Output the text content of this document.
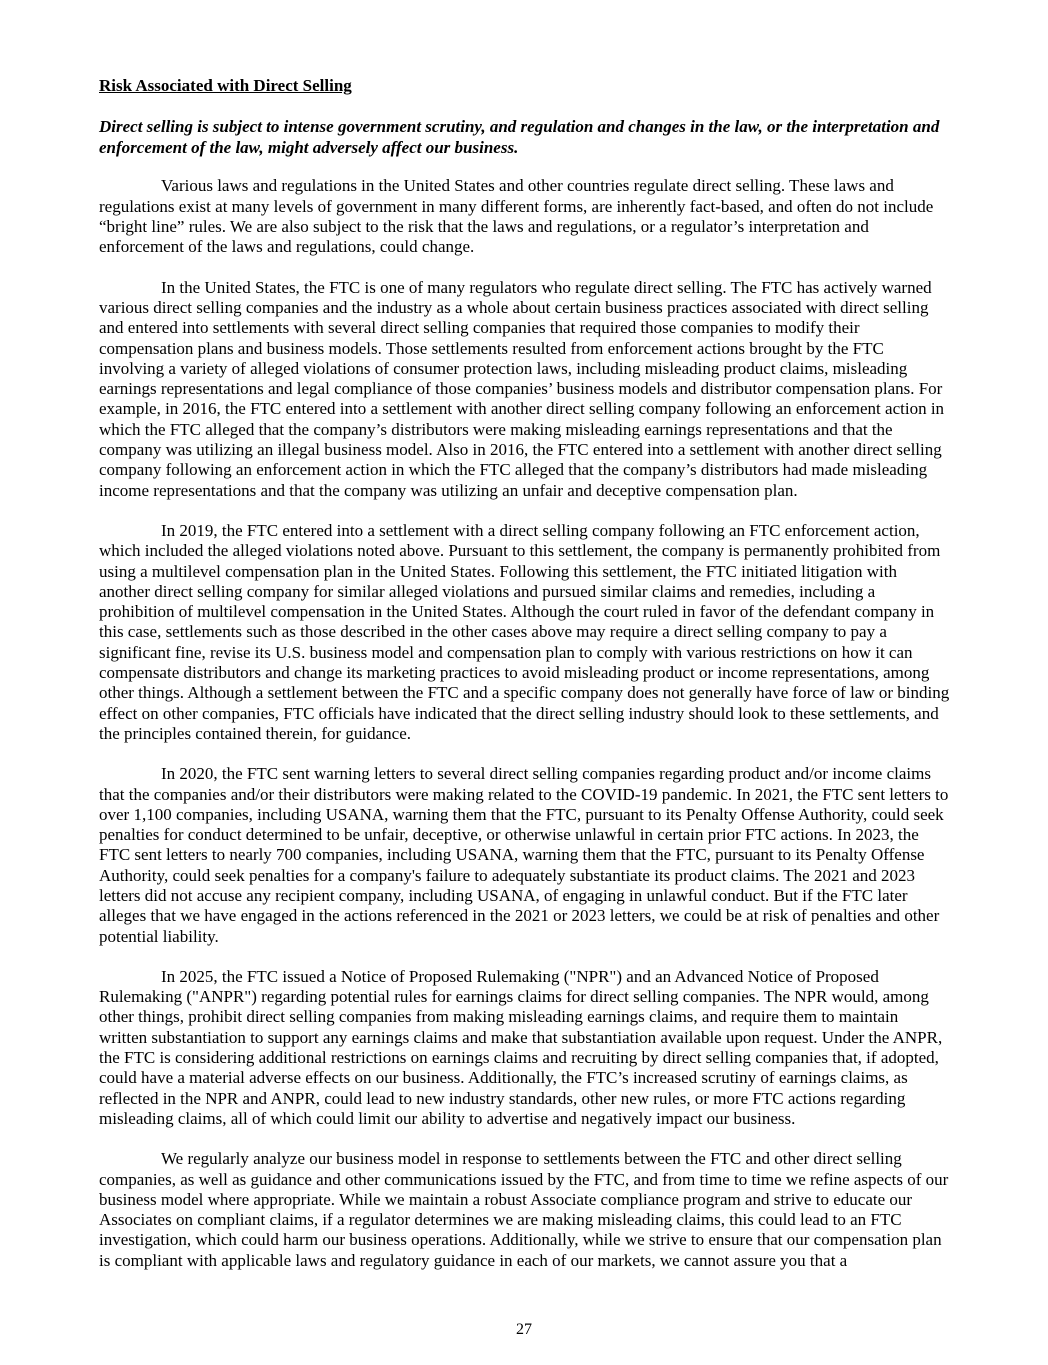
Risk Associated with Direct Selling
Direct selling is subject to intense government scrutiny, and regulation and changes in the law, or the interpretation and enforcement of the law, might adversely affect our business.

Various laws and regulations in the United States and other countries regulate direct selling. These laws and regulations exist at many levels of government in many different forms, are inherently fact-based, and often do not include “bright line” rules. We are also subject to the risk that the laws and regulations, or a regulator’s interpretation and enforcement of the laws and regulations, could change.

In the United States, the FTC is one of many regulators who regulate direct selling. The FTC has actively warned various direct selling companies and the industry as a whole about certain business practices associated with direct selling and entered into settlements with several direct selling companies that required those companies to modify their compensation plans and business models. Those settlements resulted from enforcement actions brought by the FTC involving a variety of alleged violations of consumer protection laws, including misleading product claims, misleading earnings representations and legal compliance of those companies’ business models and distributor compensation plans. For example, in 2016, the FTC entered into a settlement with another direct selling company following an enforcement action in which the FTC alleged that the company’s distributors were making misleading earnings representations and that the company was utilizing an illegal business model. Also in 2016, the FTC entered into a settlement with another direct selling company following an enforcement action in which the FTC alleged that the company’s distributors had made misleading income representations and that the company was utilizing an unfair and deceptive compensation plan.

In 2019, the FTC entered into a settlement with a direct selling company following an FTC enforcement action, which included the alleged violations noted above. Pursuant to this settlement, the company is permanently prohibited from using a multilevel compensation plan in the United States. Following this settlement, the FTC initiated litigation with another direct selling company for similar alleged violations and pursued similar claims and remedies, including a prohibition of multilevel compensation in the United States. Although the court ruled in favor of the defendant company in this case, settlements such as those described in the other cases above may require a direct selling company to pay a significant fine, revise its U.S. business model and compensation plan to comply with various restrictions on how it can compensate distributors and change its marketing practices to avoid misleading product or income representations, among other things. Although a settlement between the FTC and a specific company does not generally have force of law or binding effect on other companies, FTC officials have indicated that the direct selling industry should look to these settlements, and the principles contained therein, for guidance.

In 2020, the FTC sent warning letters to several direct selling companies regarding product and/or income claims that the companies and/or their distributors were making related to the COVID-19 pandemic. In 2021, the FTC sent letters to over 1,100 companies, including USANA, warning them that the FTC, pursuant to its Penalty Offense Authority, could seek penalties for conduct determined to be unfair, deceptive, or otherwise unlawful in certain prior FTC actions. In 2023, the FTC sent letters to nearly 700 companies, including USANA, warning them that the FTC, pursuant to its Penalty Offense Authority, could seek penalties for a company's failure to adequately substantiate its product claims. The 2021 and 2023 letters did not accuse any recipient company, including USANA, of engaging in unlawful conduct. But if the FTC later alleges that we have engaged in the actions referenced in the 2021 or 2023 letters, we could be at risk of penalties and other potential liability.

In 2025, the FTC issued a Notice of Proposed Rulemaking ("NPR") and an Advanced Notice of Proposed Rulemaking ("ANPR") regarding potential rules for earnings claims for direct selling companies. The NPR would, among other things, prohibit direct selling companies from making misleading earnings claims, and require them to maintain written substantiation to support any earnings claims and make that substantiation available upon request. Under the ANPR, the FTC is considering additional restrictions on earnings claims and recruiting by direct selling companies that, if adopted, could have a material adverse effects on our business. Additionally, the FTC’s increased scrutiny of earnings claims, as reflected in the NPR and ANPR, could lead to new industry standards, other new rules, or more FTC actions regarding misleading claims, all of which could limit our ability to advertise and negatively impact our business.

We regularly analyze our business model in response to settlements between the FTC and other direct selling companies, as well as guidance and other communications issued by the FTC, and from time to time we refine aspects of our business model where appropriate. While we maintain a robust Associate compliance program and strive to educate our Associates on compliant claims, if a regulator determines we are making misleading claims, this could lead to an FTC investigation, which could harm our business operations. Additionally, while we strive to ensure that our compensation plan is compliant with applicable laws and regulatory guidance in each of our markets, we cannot assure you that a

27
